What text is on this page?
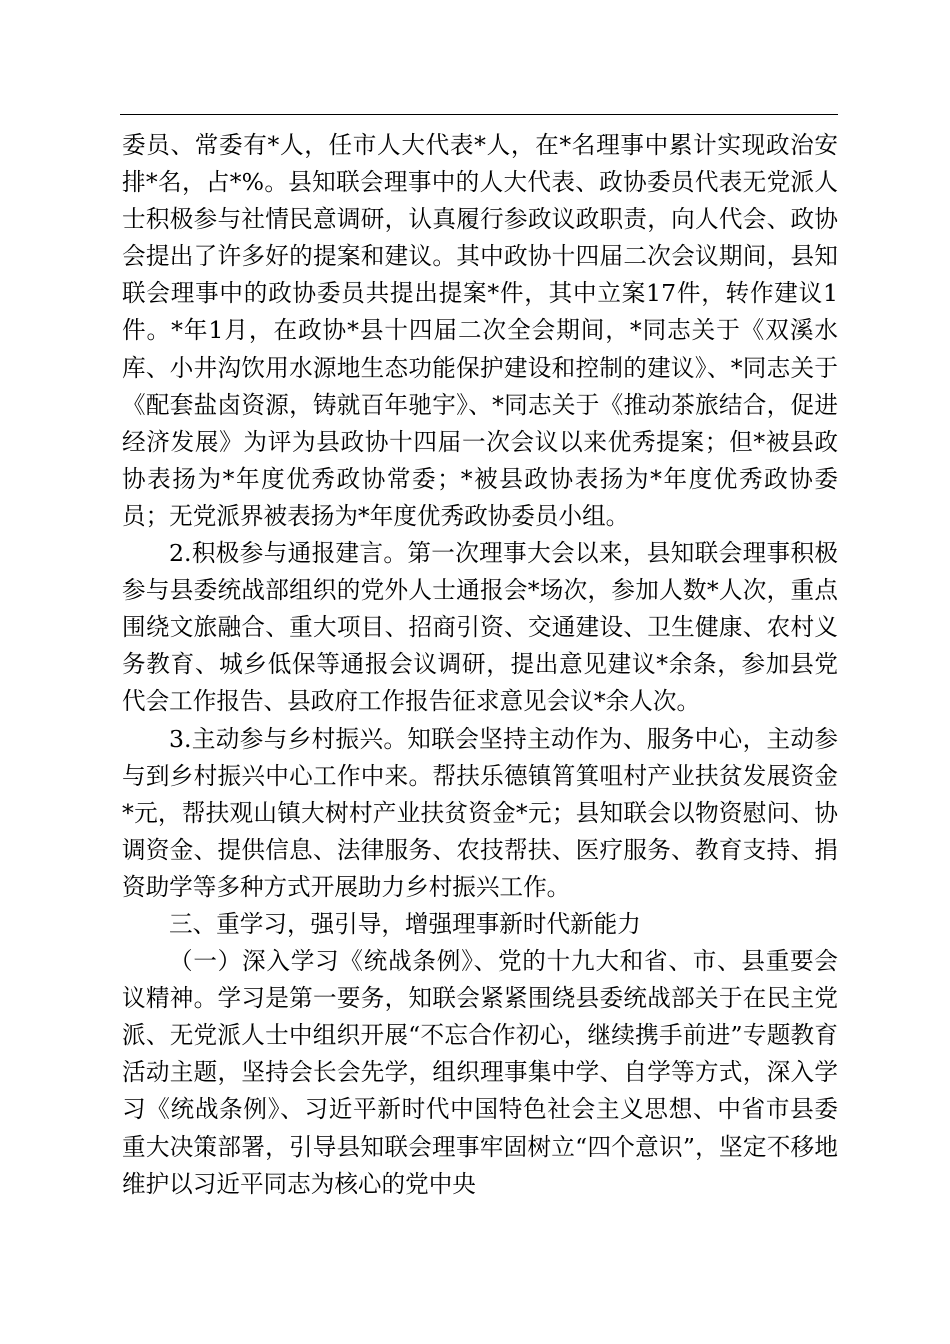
委员、常委有*人，任市人大代表*人，在*名理事中累计实现政治安排*名，占*%。县知联会理事中的人大代表、政协委员代表无党派人士积极参与社情民意调研，认真履行参政议政职责，向人代会、政协会提出了许多好的提案和建议。其中政协十四届二次会议期间，县知联会理事中的政协委员共提出提案*件，其中立案17件，转作建议1件。*年1月，在政协*县十四届二次全会期间，*同志关于《双溪水库、小井沟饮用水源地生态功能保护建设和控制的建议》、*同志关于《配套盐卤资源，铸就百年驰宇》、*同志关于《推动茶旅结合，促进经济发展》为评为县政协十四届一次会议以来优秀提案；但*被县政协表扬为*年度优秀政协常委；*被县政协表扬为*年度优秀政协委员；无党派界被表扬为*年度优秀政协委员小组。

2.积极参与通报建言。第一次理事大会以来，县知联会理事积极参与县委统战部组织的党外人士通报会*场次，参加人数*人次，重点围绕文旅融合、重大项目、招商引资、交通建设、卫生健康、农村义务教育、城乡低保等通报会议调研，提出意见建议*余条，参加县党代会工作报告、县政府工作报告征求意见会议*余人次。

3.主动参与乡村振兴。知联会坚持主动作为、服务中心，主动参与到乡村振兴中心工作中来。帮扶乐德镇筲箕咀村产业扶贫发展资金*元，帮扶观山镇大树村产业扶贫资金*元；县知联会以物资慰问、协调资金、提供信息、法律服务、农技帮扶、医疗服务、教育支持、捐资助学等多种方式开展助力乡村振兴工作。

三、重学习，强引导，增强理事新时代新能力

（一）深入学习《统战条例》、党的十九大和省、市、县重要会议精神。学习是第一要务，知联会紧紧围绕县委统战部关于在民主党派、无党派人士中组织开展“不忘合作初心，继续携手前进”专题教育活动主题，坚持会长会先学，组织理事集中学、自学等方式，深入学习《统战条例》、习近平新时代中国特色社会主义思想、中省市县委重大决策部署，引导县知联会理事牢固树立“四个意识”，坚定不移地维护以习近平同志为核心的党中央
